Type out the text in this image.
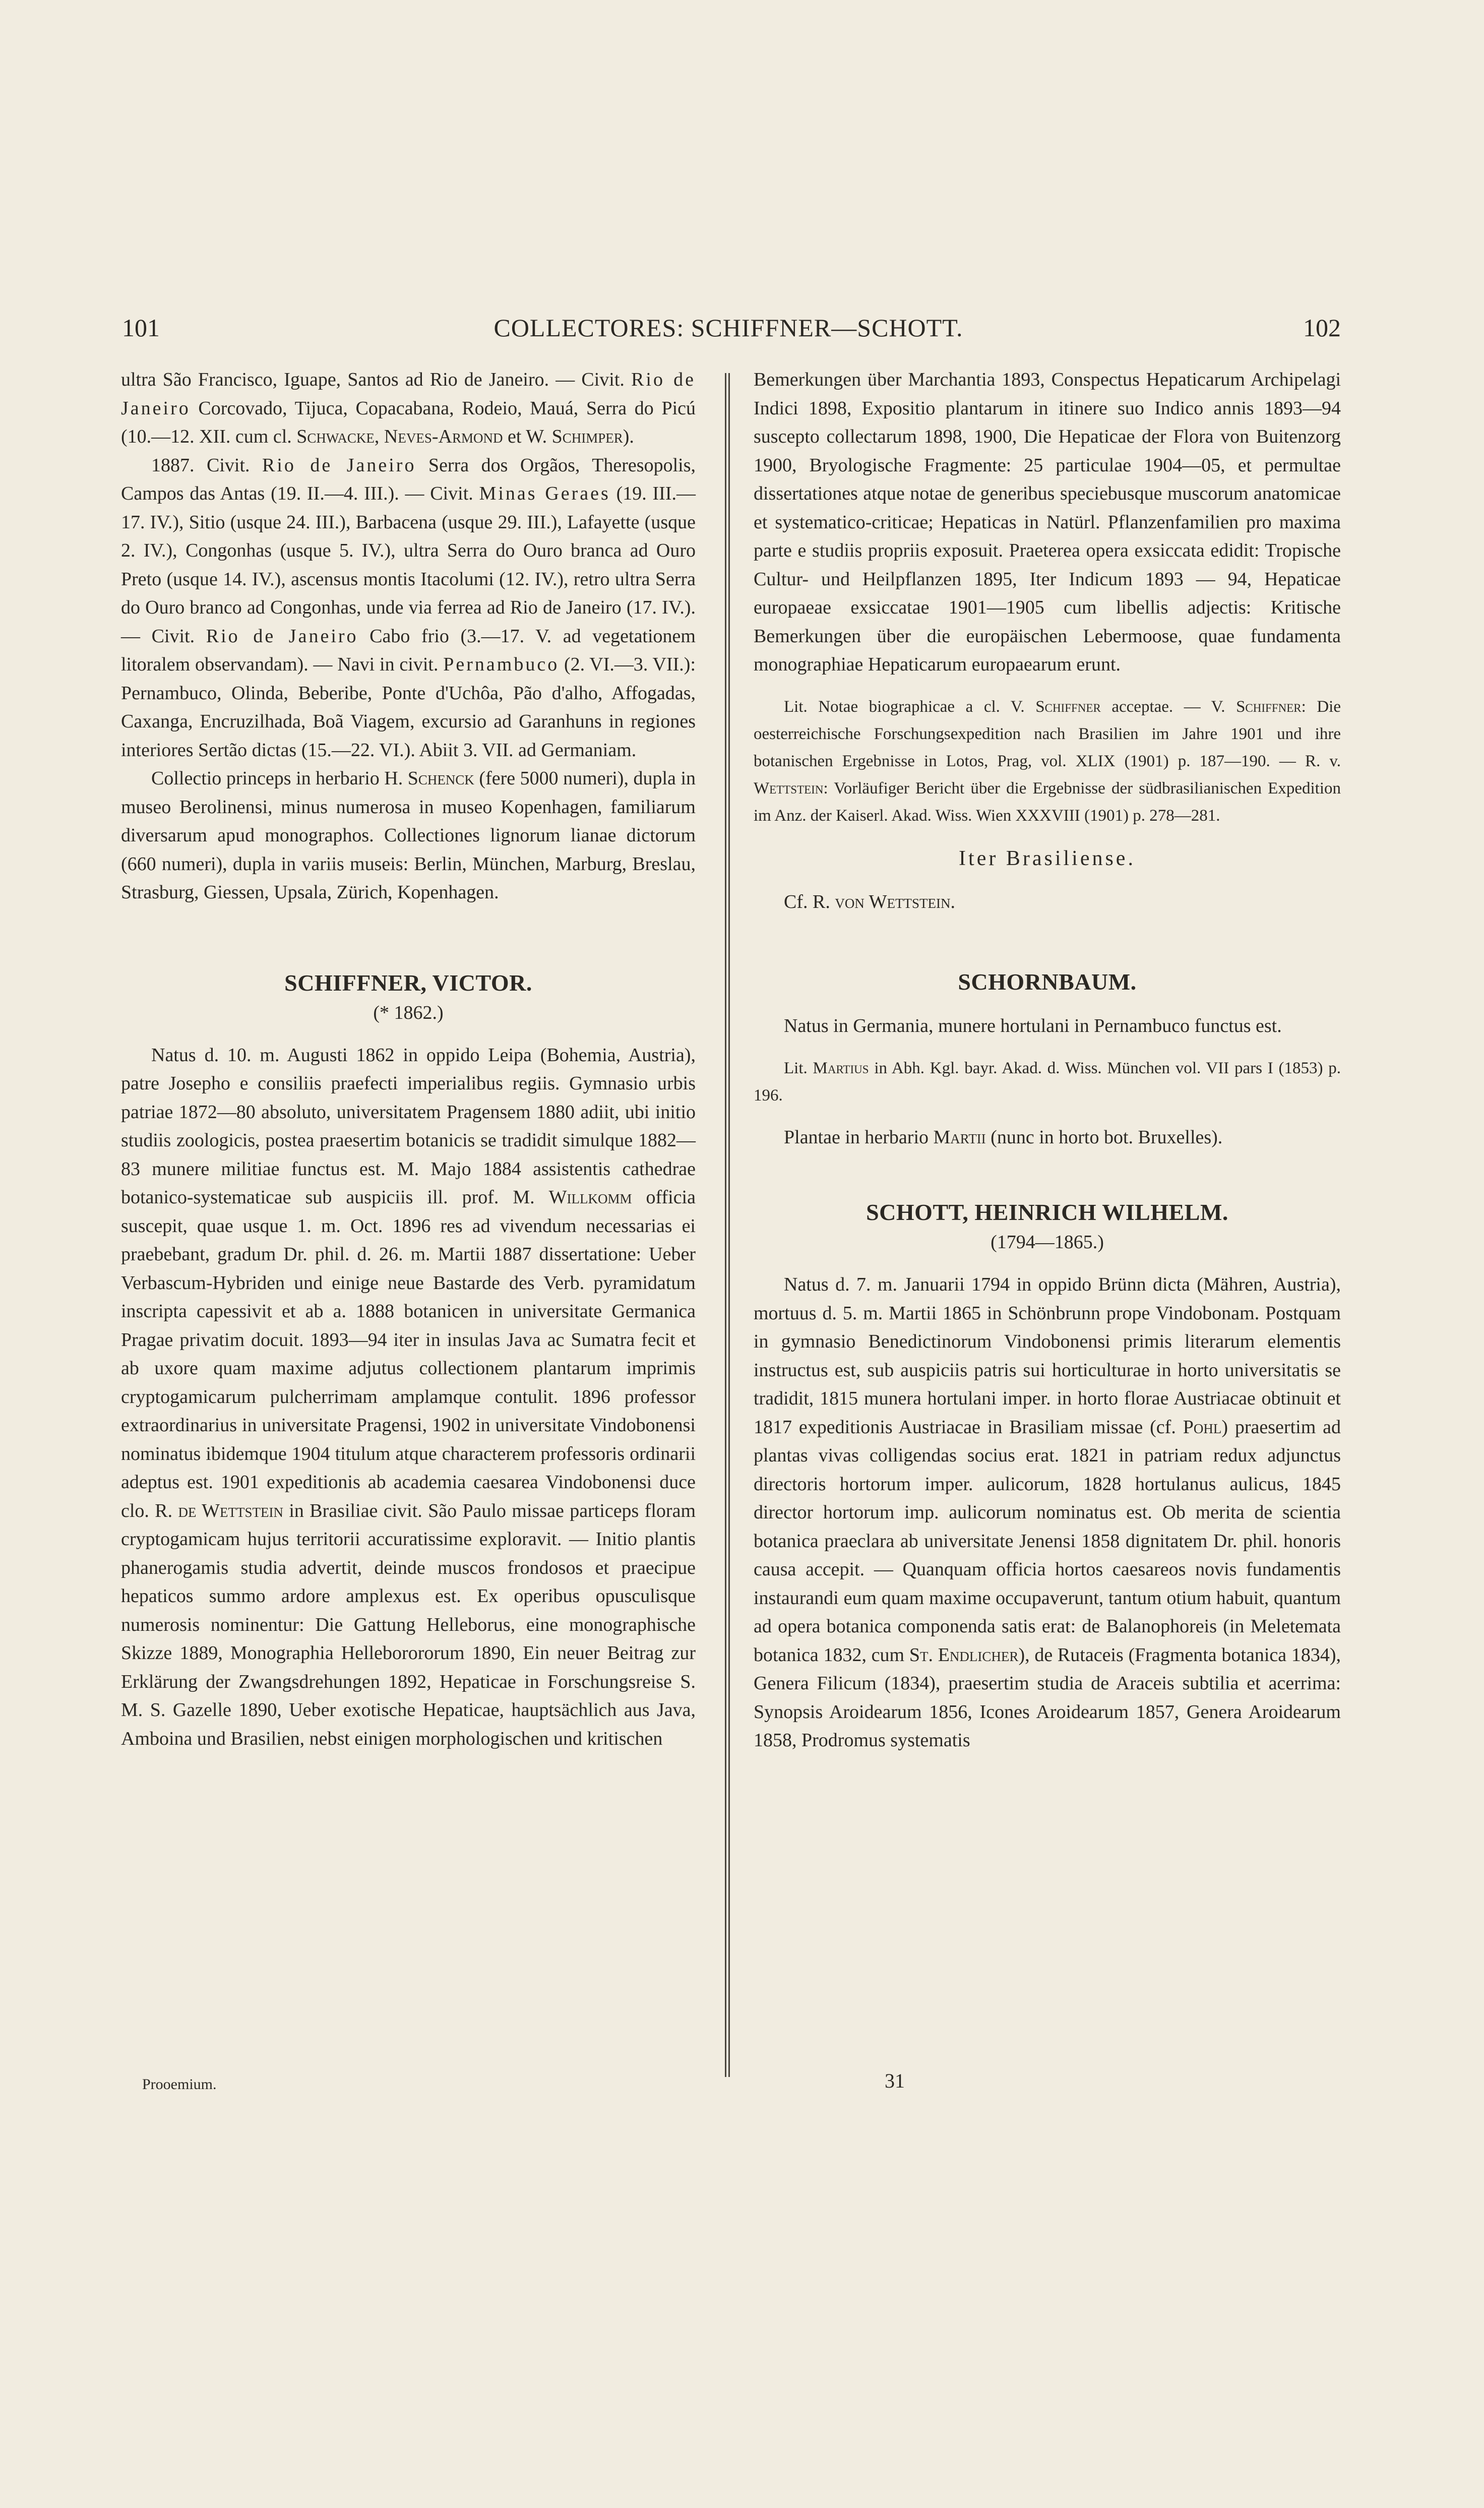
101	COLLECTORES: SCHIFFNER—SCHOTT.	102

ultra São Francisco, Iguape, Santos ad Rio de Janeiro. — Civit. Rio de Janeiro Corcovado, Tijuca, Copacabana, Rodeio, Mauá, Serra do Picú (10.—12. XII. cum cl. Schwacke, Neves-Armond et W. Schimper).

1887. Civit. Rio de Janeiro Serra dos Orgãos, Theresopolis, Campos das Antas (19. II.—4. III.). — Civit. Minas Geraes (19. III.—17. IV.), Sitio (usque 24. III.), Barbacena (usque 29. III.), Lafayette (usque 2. IV.), Congonhas (usque 5. IV.), ultra Serra do Ouro branca ad Ouro Preto (usque 14. IV.), ascensus montis Itacolumi (12. IV.), retro ultra Serra do Ouro branco ad Congonhas, unde via ferrea ad Rio de Janeiro (17. IV.). — Civit. Rio de Janeiro Cabo frio (3.—17. V. ad vegetationem litoralem observandam). — Navi in civit. Pernambuco (2. VI.—3. VII.): Pernambuco, Olinda, Beberibe, Ponte d'Uchôa, Pão d'alho, Affogadas, Caxanga, Encruzilhada, Boã Viagem, excursio ad Garanhuns in regiones interiores Sertão dictas (15.—22. VI.). Abiit 3. VII. ad Germaniam.

Collectio princeps in herbario H. Schenck (fere 5000 numeri), dupla in museo Berolinensi, minus numerosa in museo Kopenhagen, familiarum diversarum apud monographos. Collectiones lignorum lianae dictorum (660 numeri), dupla in variis museis: Berlin, München, Marburg, Breslau, Strasburg, Giessen, Upsala, Zürich, Kopenhagen.

SCHIFFNER, VICTOR.

(* 1862.)

Natus d. 10. m. Augusti 1862 in oppido Leipa (Bohemia, Austria), patre Josepho e consiliis praefecti imperialibus regiis. Gymnasio urbis patriae 1872—80 absoluto, universitatem Pragensem 1880 adiit, ubi initio studiis zoologicis, postea praesertim botanicis se tradidit simulque 1882—83 munere militiae functus est. M. Majo 1884 assistentis cathedrae botanico-systematicae sub auspiciis ill. prof. M. Willkomm officia suscepit, quae usque 1. m. Oct. 1896 res ad vivendum necessarias ei praebebant, gradum Dr. phil. d. 26. m. Martii 1887 dissertatione: Ueber Verbascum-Hybriden und einige neue Bastarde des Verb. pyramidatum inscripta capessivit et ab a. 1888 botanicen in universitate Germanica Pragae privatim docuit. 1893—94 iter in insulas Java ac Sumatra fecit et ab uxore quam maxime adjutus collectionem plantarum imprimis cryptogamicarum pulcherrimam amplamque contulit. 1896 professor extraordinarius in universitate Pragensi, 1902 in universitate Vindobonensi nominatus ibidemque 1904 titulum atque characterem professoris ordinarii adeptus est. 1901 expeditionis ab academia caesarea Vindobonensi duce clo. R. de Wettstein in Brasiliae civit. São Paulo missae particeps floram cryptogamicam hujus territorii accuratissime exploravit. — Initio plantis phanerogamis studia advertit, deinde muscos frondosos et praecipue hepaticos summo ardore amplexus est. Ex operibus opusculisque numerosis nominentur: Die Gattung Helleborus, eine monographische Skizze 1889, Monographia Helleborororum 1890, Ein neuer Beitrag zur Erklärung der Zwangsdrehungen 1892, Hepaticae in Forschungsreise S. M. S. Gazelle 1890, Ueber exotische Hepaticae, hauptsächlich aus Java, Amboina und Brasilien, nebst einigen morphologischen und kritischen

Bemerkungen über Marchantia 1893, Conspectus Hepaticarum Archipelagi Indici 1898, Expositio plantarum in itinere suo Indico annis 1893—94 suscepto collectarum 1898, 1900, Die Hepaticae der Flora von Buitenzorg 1900, Bryologische Fragmente: 25 particulae 1904—05, et permultae dissertationes atque notae de generibus speciebusque muscorum anatomicae et systematico-criticae; Hepaticas in Natürl. Pflanzenfamilien pro maxima parte e studiis propriis exposuit. Praeterea opera exsiccata edidit: Tropische Cultur- und Heilpflanzen 1895, Iter Indicum 1893 — 94, Hepaticae europaeae exsiccatae 1901—1905 cum libellis adjectis: Kritische Bemerkungen über die europäischen Lebermoose, quae fundamenta monographiae Hepaticarum europaearum erunt.

Lit. Notae biographicae a cl. V. Schiffner acceptae. — V. Schiffner: Die oesterreichische Forschungsexpedition nach Brasilien im Jahre 1901 und ihre botanischen Ergebnisse in Lotos, Prag, vol. XLIX (1901) p. 187—190. — R. v. Wettstein: Vorläufiger Bericht über die Ergebnisse der südbrasilianischen Expedition im Anz. der Kaiserl. Akad. Wiss. Wien XXXVIII (1901) p. 278—281.

Iter Brasiliense.

Cf. R. von Wettstein.

SCHORNBAUM.

Natus in Germania, munere hortulani in Pernambuco functus est.

Lit. Martius in Abh. Kgl. bayr. Akad. d. Wiss. München vol. VII pars I (1853) p. 196.

Plantae in herbario Martii (nunc in horto bot. Bruxelles).

SCHOTT, HEINRICH WILHELM.

(1794—1865.)

Natus d. 7. m. Januarii 1794 in oppido Brünn dicta (Mähren, Austria), mortuus d. 5. m. Martii 1865 in Schönbrunn prope Vindobonam. Postquam in gymnasio Benedictinorum Vindobonensi primis literarum elementis instructus est, sub auspiciis patris sui horticulturae in horto universitatis se tradidit, 1815 munera hortulani imper. in horto florae Austriacae obtinuit et 1817 expeditionis Austriacae in Brasiliam missae (cf. Pohl) praesertim ad plantas vivas colligendas socius erat. 1821 in patriam redux adjunctus directoris hortorum imper. aulicorum, 1828 hortulanus aulicus, 1845 director hortorum imp. aulicorum nominatus est. Ob merita de scientia botanica praeclara ab universitate Jenensi 1858 dignitatem Dr. phil. honoris causa accepit. — Quanquam officia hortos caesareos novis fundamentis instaurandi eum quam maxime occupaverunt, tantum otium habuit, quantum ad opera botanica componenda satis erat: de Balanophoreis (in Meletemata botanica 1832, cum St. Endlicher), de Rutaceis (Fragmenta botanica 1834), Genera Filicum (1834), praesertim studia de Araceis subtilia et acerrima: Synopsis Aroidearum 1856, Icones Aroidearum 1857, Genera Aroidearum 1858, Prodromus systematis

Prooemium.	31
